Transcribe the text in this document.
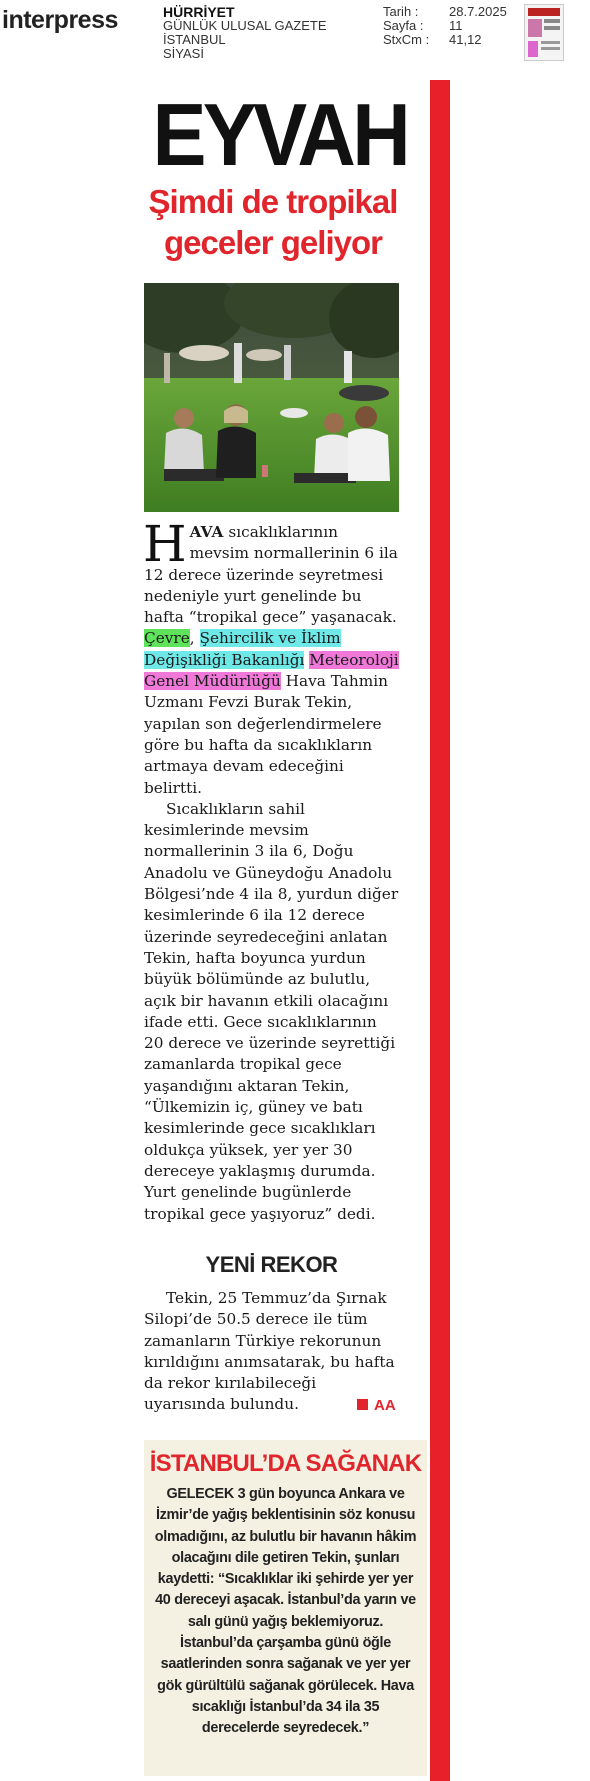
interpress	HÜRRİYET
GÜNLÜK ULUSAL GAZETE
İSTANBUL
SİYASİ
Tarih :	28.7.2025
Sayfa :	11
StxCm :	41,12
EYVAH
Şimdi de tropikal
geceler geliyor

HAVA sıcaklıklarının mevsim normallerinin 6 ila 12 derece üzerinde seyretmesi nedeniyle yurt genelinde bu hafta “tropikal gece” yaşanacak. Çevre, Şehircilik ve İklim Değişikliği Bakanlığı Meteoroloji Genel Müdürlüğü Hava Tahmin Uzmanı Fevzi Burak Tekin, yapılan son değerlendirmelere göre bu hafta da sıcaklıkların artmaya devam edeceğini belirtti.

Sıcaklıkların sahil kesimlerinde mevsim normallerinin 3 ila 6, Doğu Anadolu ve Güneydoğu Anadolu Bölgesi’nde 4 ila 8, yurdun diğer kesimlerinde 6 ila 12 derece üzerinde seyredeceğini anlatan Tekin, hafta boyunca yurdun büyük bölümünde az bulutlu, açık bir havanın etkili olacağını ifade etti. Gece sıcaklıklarının 20 derece ve üzerinde seyrettiği zamanlarda tropikal gece yaşandığını aktaran Tekin, “Ülkemizin iç, güney ve batı kesimlerinde gece sıcaklıkları oldukça yüksek, yer yer 30 dereceye yaklaşmış durumda. Yurt genelinde bugünlerde tropikal gece yaşıyoruz” dedi.

YENİ REKOR
Tekin, 25 Temmuz’da Şırnak Silopi’de 50.5 derece ile tüm zamanların Türkiye rekorunun kırıldığını anımsatarak, bu hafta da rekor kırılabileceği uyarısında bulundu.	AA
İSTANBUL’DA SAĞANAK
GELECEK 3 gün boyunca Ankara ve İzmir’de yağış beklentisinin söz konusu olmadığını, az bulutlu bir havanın hâkim olacağını dile getiren Tekin, şunları kaydetti: “Sıcaklıklar iki şehirde yer yer 40 dereceyi aşacak. İstanbul’da yarın ve salı günü yağış beklemiyoruz. İstanbul’da çarşamba günü öğle saatlerinden sonra sağanak ve yer yer gök gürültülü sağanak görülecek. Hava sıcaklığı İstanbul’da 34 ila 35 derecelerde seyredecek.”
